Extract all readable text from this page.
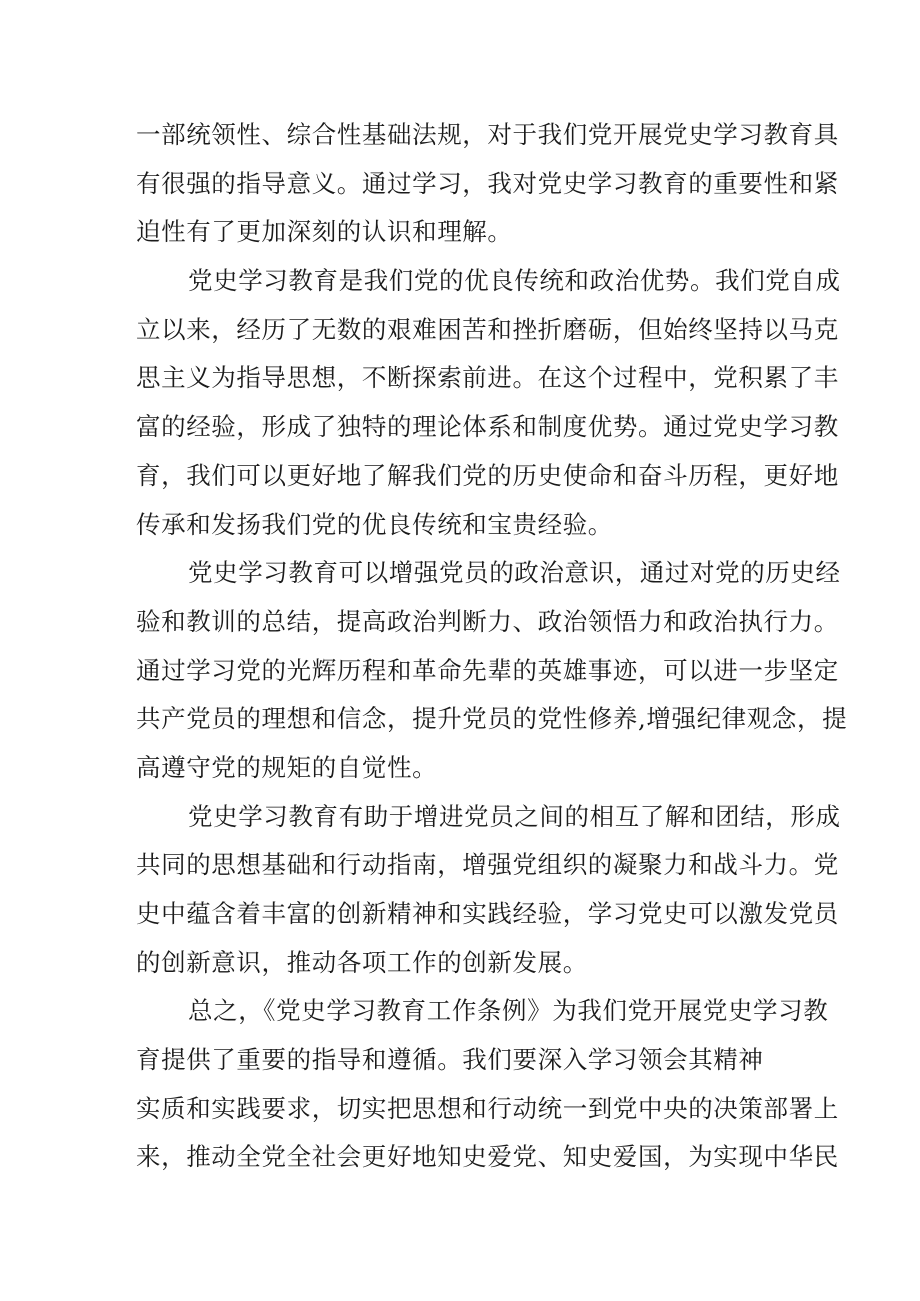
一部统领性、综合性基础法规，对于我们党开展党史学习教育具
有很强的指导意义。通过学习，我对党史学习教育的重要性和紧
迫性有了更加深刻的认识和理解。
党史学习教育是我们党的优良传统和政治优势。我们党自成
立以来，经历了无数的艰难困苦和挫折磨砺，但始终坚持以马克
思主义为指导思想，不断探索前进。在这个过程中，党积累了丰
富的经验，形成了独特的理论体系和制度优势。通过党史学习教
育，我们可以更好地了解我们党的历史使命和奋斗历程，更好地
传承和发扬我们党的优良传统和宝贵经验。
党史学习教育可以增强党员的政治意识，通过对党的历史经
验和教训的总结，提高政治判断力、政治领悟力和政治执行力。
通过学习党的光辉历程和革命先辈的英雄事迹，可以进一步坚定
共产党员的理想和信念，提升党员的党性修养,增强纪律观念，提
高遵守党的规矩的自觉性。
党史学习教育有助于增进党员之间的相互了解和团结，形成
共同的思想基础和行动指南，增强党组织的凝聚力和战斗力。党
史中蕴含着丰富的创新精神和实践经验，学习党史可以激发党员
的创新意识，推动各项工作的创新发展。
总之，《党史学习教育工作条例》为我们党开展党史学习教
育提供了重要的指导和遵循。我们要深入学习领会其精神
实质和实践要求，切实把思想和行动统一到党中央的决策部署上
来，推动全党全社会更好地知史爱党、知史爱国，为实现中华民
